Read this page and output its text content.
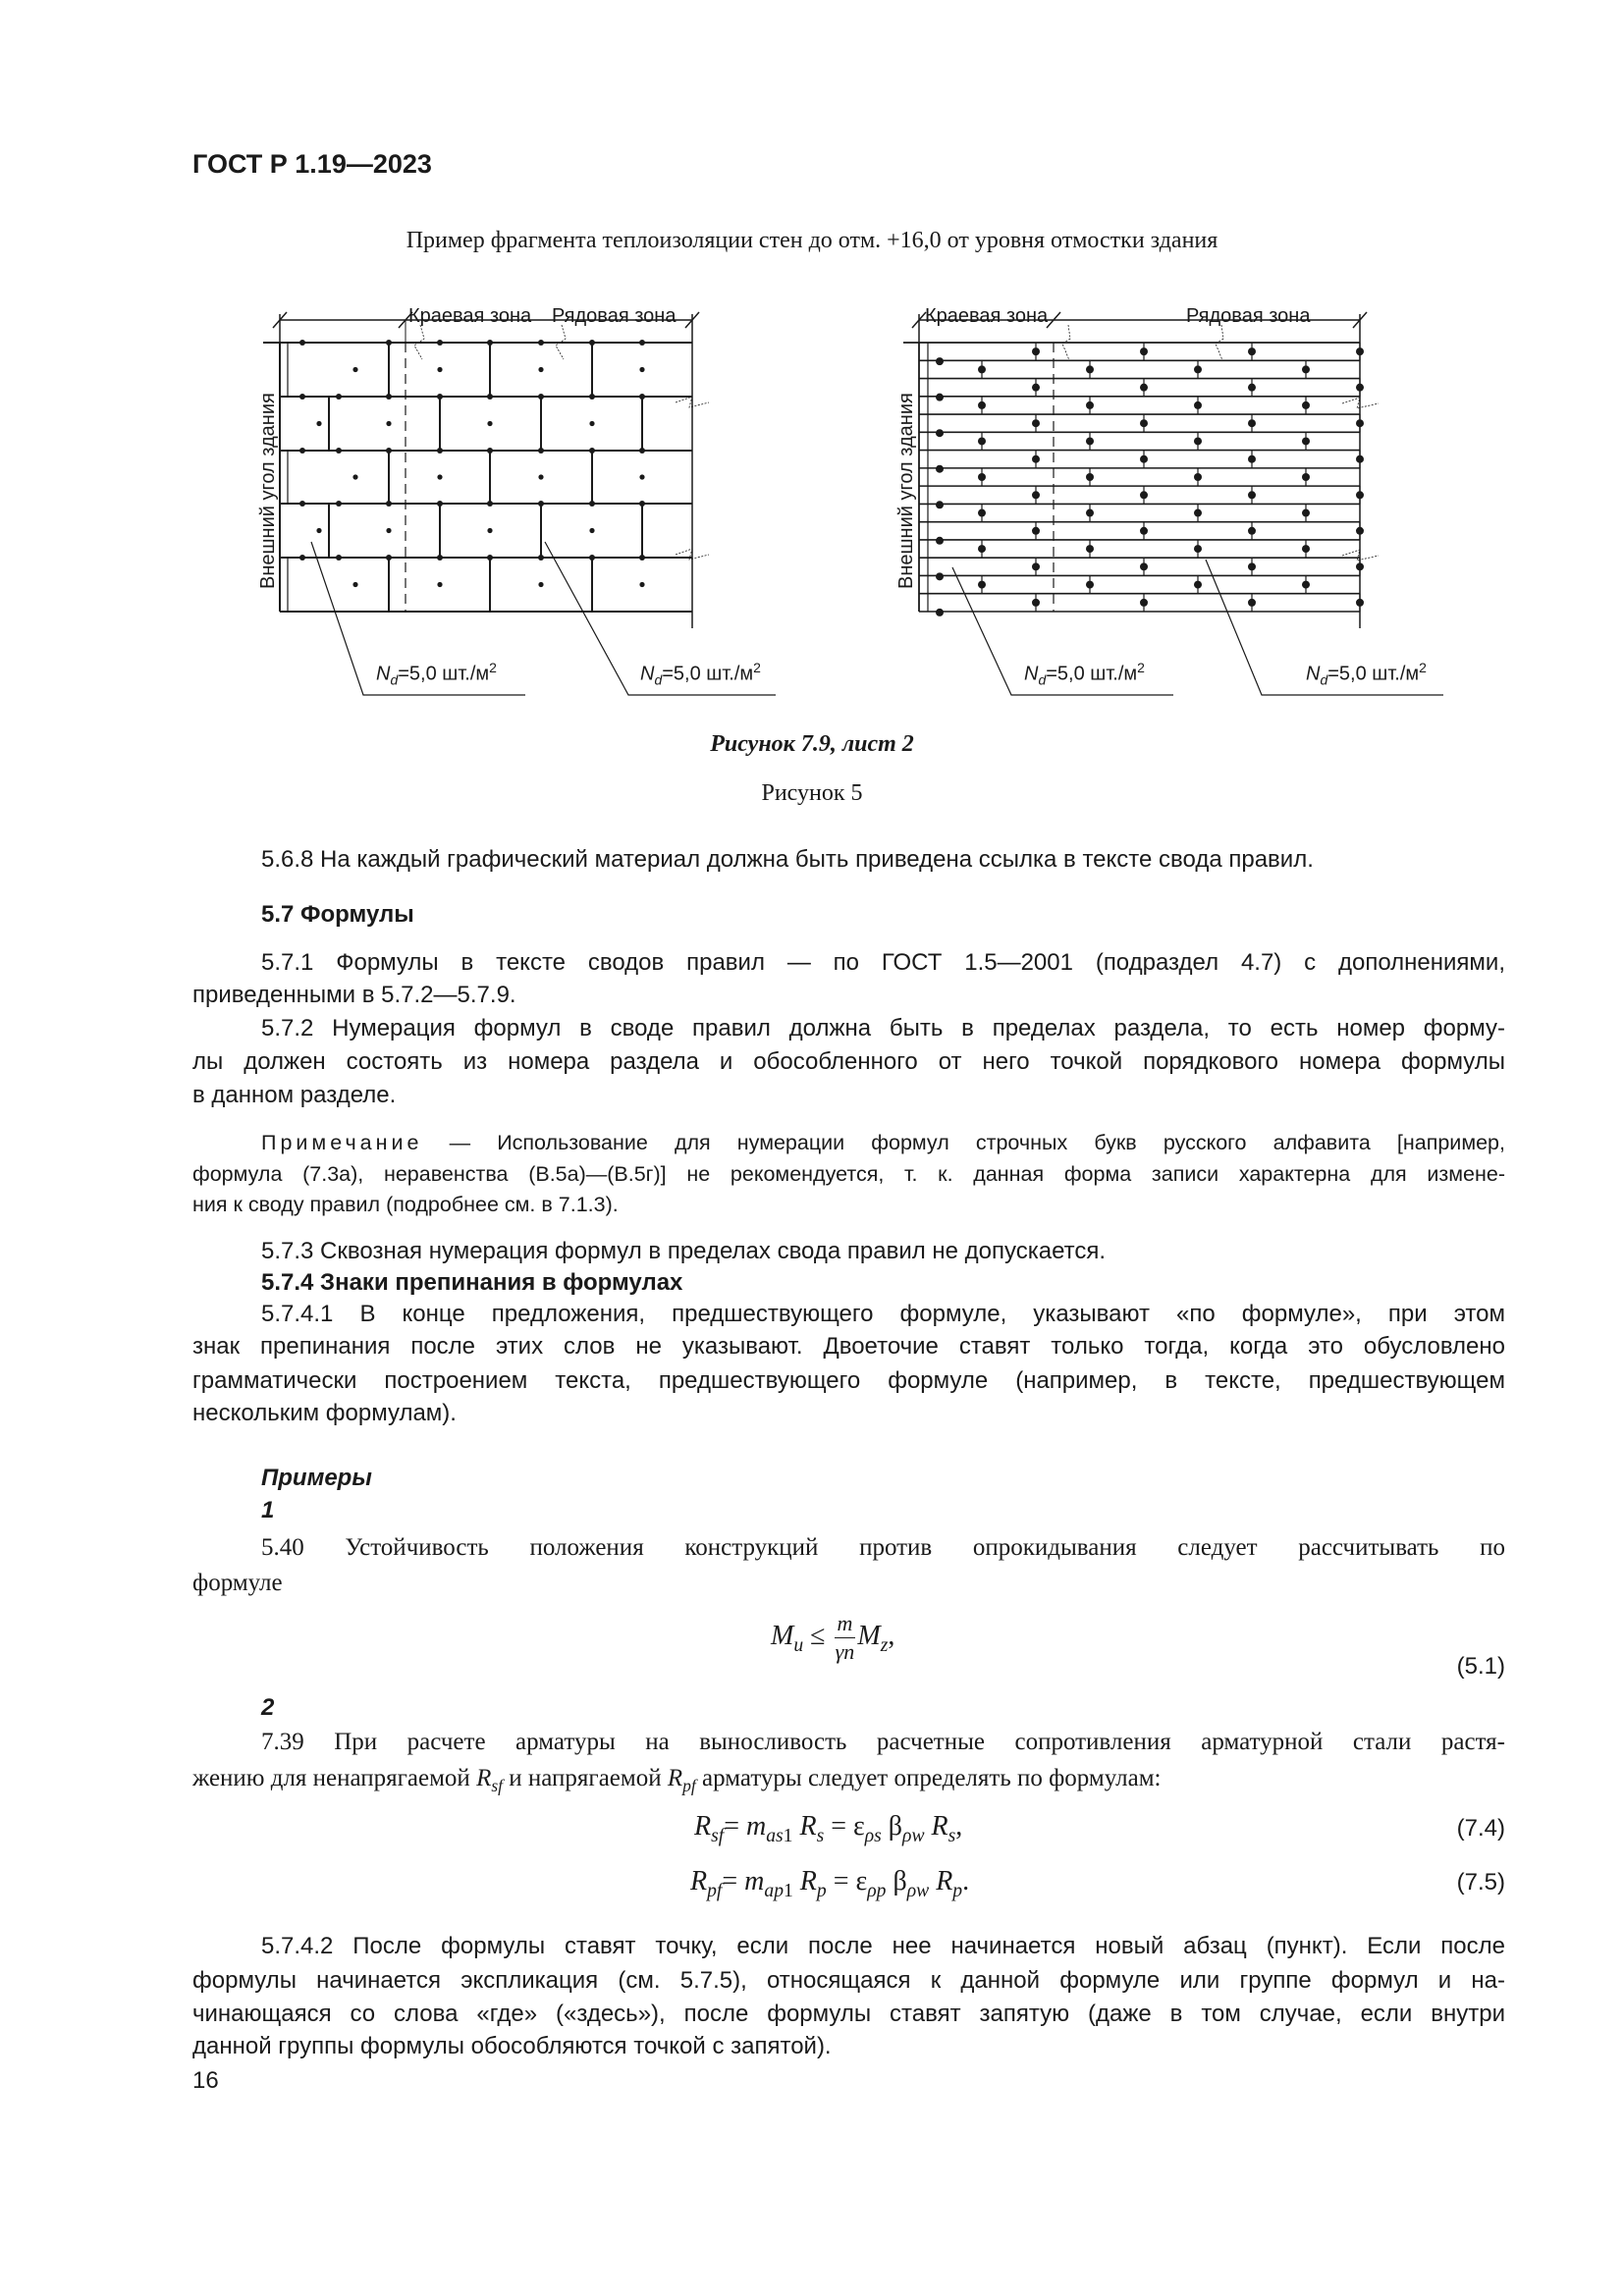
ГОСТ Р 1.19—2023
Пример фрагмента теплоизоляции стен до отм. +16,0 от уровня отмостки здания
Краевая зона Рядовая зона
Внешний угол здания
$N_d=5,0$ $шт./м^2$	$N_d=5,0$ $шт./м^2$
Краевая зона	Рядовая зона
Внешний угол здания
$N_d=5,0$ $шт./м^2$	$N_d=5,0$ $шт./м^2$
Рисунок 7.9, лист 2
Рисунок 5
5.6.8 На каждый графический материал должна быть приведена ссылка в тексте свода правил.
5.7 Формулы
5.7.1 Формулы в тексте сводов правил — по ГОСТ 1.5—2001 (подраздел 4.7) с дополнениями,
приведенными в 5.7.2—5.7.9.
5.7.2 Нумерация формул в своде правил должна быть в пределах раздела, то есть номер форму-
лы должен состоять из номера раздела и обособленного от него точкой порядкового номера формулы
в данном разделе.
Примечание — Использование для нумерации формул строчных букв русского алфавита [например,
формула (7.3а), неравенства (В.5а)—(В.5г)] не рекомендуется, т. к. данная форма записи характерна для измене-
ния к своду правил (подробнее см. в 7.1.3).
5.7.3 Сквозная нумерация формул в пределах свода правил не допускается.
5.7.4 Знаки препинания в формулах
5.7.4.1 В конце предложения, предшествующего формуле, указывают «по формуле», при этом
знак препинания после этих слов не указывают. Двоеточие ставят только тогда, когда это обусловлено
грамматически построением текста, предшествующего формуле (например, в тексте, предшествующем
нескольким формулам).
Примеры
1
5.40 Устойчивость положения конструкций против опрокидывания следует рассчитывать по
формуле
$M_u \le \frac{m}{\gamma n} M_z$,
(5.1)
2
7.39 При расчете арматуры на выносливость расчетные сопротивления арматурной стали растя-
жению для ненапрягаемой $R_{sf}$ и напрягаемой $R_{pf}$ арматуры следует определять по формулам:
$R_{sf}= m_{as1}$ $R_s = \varepsilon_{\rho s}$ $\beta_{\rho w}$ $R_s$,	(7.4)
$R_{pf}= m_{ap1}$ $R_p = \varepsilon_{\rho p}$ $\beta_{\rho w}$ $R_p$.	(7.5)
5.7.4.2 После формулы ставят точку, если после нее начинается новый абзац (пункт). Если после
формулы начинается экспликация (см. 5.7.5), относящаяся к данной формуле или группе формул и на-
чинающаяся со слова «где» («здесь»), после формулы ставят запятую (даже в том случае, если внутри
данной группы формулы обособляются точкой с запятой).
16
